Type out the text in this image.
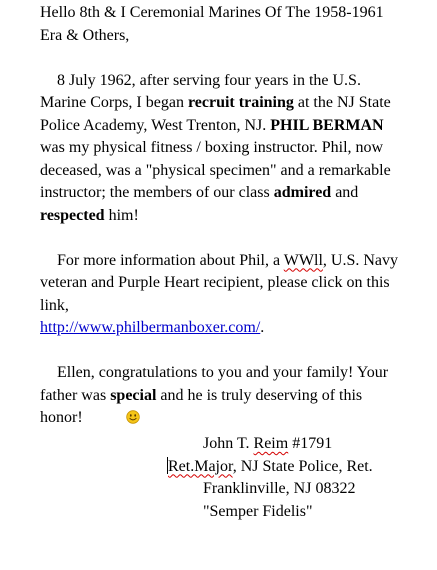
Hello 8th & I Ceremonial Marines Of The 1958-1961 Era & Others,

8 July 1962, after serving four years in the U.S. Marine Corps, I began recruit training at the NJ State Police Academy, West Trenton, NJ. PHIL BERMAN was my physical fitness / boxing instructor. Phil, now deceased, was a "physical specimen" and a remarkable instructor; the members of our class admired and respected him!

For more information about Phil, a WWll, U.S. Navy veteran and Purple Heart recipient, please click on this link,
http://www.philbermanboxer.com/.

Ellen, congratulations to you and your family! Your father was special and he is truly deserving of this honor!

John T. Reim #1791
Ret.Major, NJ State Police, Ret.
Franklinville, NJ 08322
"Semper Fidelis"
